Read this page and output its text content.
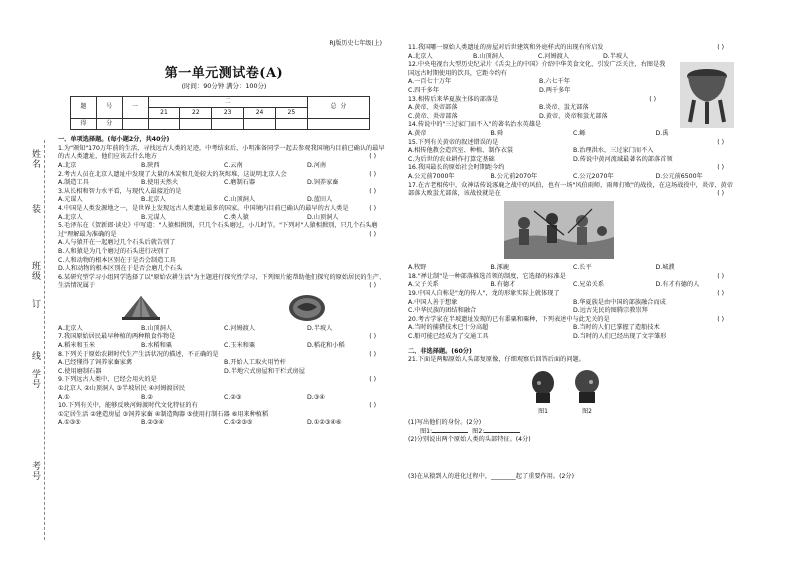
姓名
装
班级
订
线
学号
考号
RJ版历史七年级(上)
第一单元测试卷(A)
(时间：90分钟 满分：100分)
题	号	一	二					总 分
			21	22	23	24	25	
得	分							
一、单项选择题。(每小题2分，共40分)
1.为"颁知"170万年前的生活，寻找远古人类的足迹，中考结束后，小明准备同学一起去参观我国境内目前已确认的最早的古人类遗址，他们应该去什么地方	( )
A.北京	B.陕西	C.云南	D.河南
2.考古人员在北京人遗址中发现了大量的木炭和几处较大的灰烬堆，这说明北京人会	( )
A.制造工具	B.使用天然火	C.磨制石器	D.饲养家畜
3.从长相和智力水平看，与现代人最接近的是	( )
A.元谋人	B.北京人	C.山顶洞人	D.蓝田人
4.中国是人类发源地之一，是世界上发现远古人类遗址最多的国家。中国境内目前已确认的最早的古人类是	( )
A.北京人	B.元谋人	C.类人猿	D.山顶洞人
5.毛泽东在《贺新郎·读史》中写道："人猿相揖别，只几个石头磨过，小儿时节。"下列对"人猿相揖别，只几个石头磨过"理解最为准确的是	( )
A.人与猿开在一起磨过几个石头后就告别了
B.人和猿是为几个磨过的石头进行决别了
C.人和动物的根本区别在于是否会制造工具
D.人和动物的根本区别在于是否会磨几个石头
6.某研究型学习小组同学选择了以"原始农耕生活"为主题进行探究性学习，下列图片能帮助他们探究的原始居民的生产、生活情况属于	( )
A.北京人	B.山顶洞人	C.河姆渡人	D.半坡人
7.我国原始居民最早种植的两种粮食作物是	( )
A.稻米和玉米	B.水稻和粟	C.玉米和粟	D.稻花和小稻
8.下列关于原始农耕时代生产生活状况的描述，不正确的是	( )
A.已经懂得了饲养家畜家禽	B.开始人工取火用竹杆
C.使用磨制石器	D.半地穴式房屋和干栏式房屋
9.下列远古人类中，已经会用火的是	( )
①北京人 ②山顶洞人 ③半坡居民 ④河姆渡居民
A.①	B.②	C.②③	D.③④
10.下列有关中，能够反映河姆渡时代文化特征的有	( )
①定居生活 ②建造房屋 ③饲养家畜 ④制造陶器 ⑤使用打制石器 ⑥用来种植稻
A.①③⑤	B.②③④	C.①②③⑤	D.①②③④⑥
11.我国哪一原始人类遗址的房屋对后世建筑和外庭样式的出现有所启发	( )
A.北京人	B.山顶洞人	C.河姆渡人	D.半坡人
12.中央电视台大型历史纪录片《舌尖上的中国》介绍中华美食文化，引发广泛关注，右图是我国远古时期使用的饮具，它距今约有
A.一百七十万年	B.六七千年
C.四千多年	D.两千多年
13.相传后来华夏族主体的部落是	( )
A.黄帝、炎帝部落	B.炎帝、蚩尤部落
C.黄帝、炎帝部落	D.黄帝、炎帝和蚩尤部落
14.传说中的"三过家门而不入"的著名治水英雄是
A.黄帝	B.舜	C.鲧	D.禹
15.下列有关黄帝的叙述错误的是	( )
A.相传他教会造宫室、种植、制作衣裳	B.治理洪水，三过家门而不入
C.为后世的农业耕作打算定基础	D.传说中黄河流域最著名的部落首领
16.我国最长的原始社会时期距今约	( )
A.公元前7000年	B.公元前2070年	C.公元2070年	D.公元前6500年
17.在古老相传中，众神话传说涿鹿之战中的风伯，也有一场"风伯雨师，雨师打败"的战役，在这场战役中，炎帝、黄帝部落大败蚩尤部落，该战役就是在	( )
A.牧野	B.涿鹿	C.长平	D.城濮
18."禅让制"是一种部落推选首领的制度，它选择的标准是	( )
A.父子关系	B.有德才	C.兄弟关系	D.有才有德的人
19.中国人自称是"龙的传人"，龙的形象实际上就体现了	( )
A.中国人善于想象	B.华夏族是由中国的部族融合而成
C.中华民族的团结和融合	D.远古先民的图腾宗教崇拜
20.考古学家在半坡遗址发现的已有黍粟和粟种，下列表述中与此无关的是	( )
A.当时的捕猎技术已十分高超	B.当时的人们已掌握了造船技术
C.船可能已经成为了交通工具	D.当时的人们已经出现了文字雏形
二、非选择题。(60分)
21.下面是两幅原始人头部复原像，仔细观察后回答后面的问题。
图1	图2
(1)写出他们的身份。(2分)
图1:	图2:
(2)分别说出两个原始人类的头部特征。(4分)
(3)在从猿到人的进化过程中，________起了重要作用。(2分)
